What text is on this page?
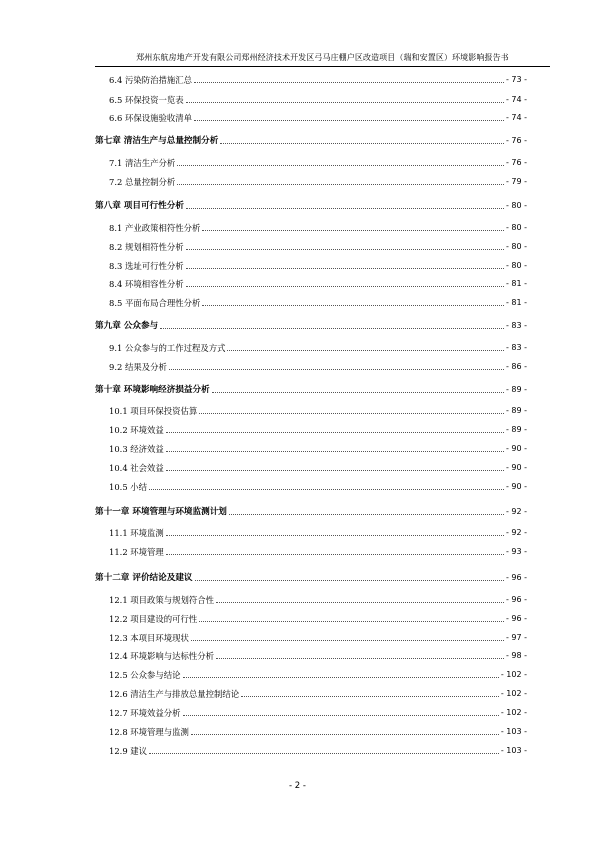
郑州东航房地产开发有限公司郑州经济技术开发区弓马庄棚户区改造项目（瑞和安置区）环境影响报告书
6.4 污染防治措施汇总	- 73 -
6.5 环保投资一览表	- 74 -
6.6 环保设施验收清单	- 74 -
第七章 清洁生产与总量控制分析	- 76 -
7.1 清洁生产分析	- 76 -
7.2 总量控制分析	- 79 -
第八章 项目可行性分析	- 80 -
8.1 产业政策相符性分析	- 80 -
8.2 规划相符性分析	- 80 -
8.3 选址可行性分析	- 80 -
8.4 环境相容性分析	- 81 -
8.5 平面布局合理性分析	- 81 -
第九章 公众参与	- 83 -
9.1 公众参与的工作过程及方式	- 83 -
9.2 结果及分析	- 86 -
第十章 环境影响经济损益分析	- 89 -
10.1 项目环保投资估算	- 89 -
10.2 环境效益	- 89 -
10.3 经济效益	- 90 -
10.4 社会效益	- 90 -
10.5 小结	- 90 -
第十一章 环境管理与环境监测计划	- 92 -
11.1 环境监测	- 92 -
11.2 环境管理	- 93 -
第十二章 评价结论及建议	- 96 -
12.1 项目政策与规划符合性	- 96 -
12.2 项目建设的可行性	- 96 -
12.3 本项目环境现状	- 97 -
12.4 环境影响与达标性分析	- 98 -
12.5 公众参与结论	- 102 -
12.6 清洁生产与排放总量控制结论	- 102 -
12.7 环境效益分析	- 102 -
12.8 环境管理与监测	- 103 -
12.9 建议	- 103 -
- 2 -
